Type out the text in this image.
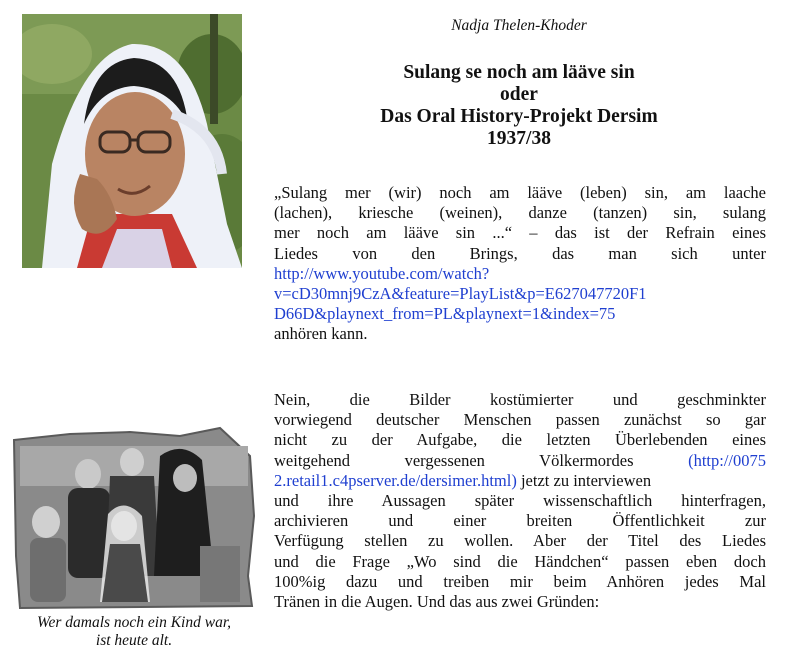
Wer damals noch ein Kind war,
ist heute alt.
Nadja Thelen-Khoder
Sulang se noch am lääve sin
oder
Das Oral History-Projekt Dersim
1937/38
„Sulang mer (wir) noch am lääve (leben) sin, am laache
(lachen), kriesche (weinen), danze (tanzen) sin, sulang
mer noch am lääve sin ...“ – das ist der Refrain eines
Liedes von den Brings, das man sich unter
http://www.youtube.com/watch?
v=cD30mnj9CzA&feature=PlayList&p=E627047720F1
D66D&playnext_from=PL&playnext=1&index=75
anhören kann.
Nein, die Bilder kostümierter und geschminkter
vorwiegend deutscher Menschen passen zunächst so gar
nicht zu der Aufgabe, die letzten Überlebenden eines
weitgehend vergessenen Völkermordes	(http://0075
2.retail1.c4pserver.de/dersimer.html) jetzt zu interviewen
und ihre Aussagen später wissenschaftlich hinterfragen,
archivieren und einer breiten Öffentlichkeit zur
Verfügung stellen zu wollen. Aber der Titel des Liedes
und die Frage „Wo sind die Händchen“ passen eben doch
100%ig dazu und treiben mir beim Anhören jedes Mal
Tränen in die Augen. Und das aus zwei Gründen:
